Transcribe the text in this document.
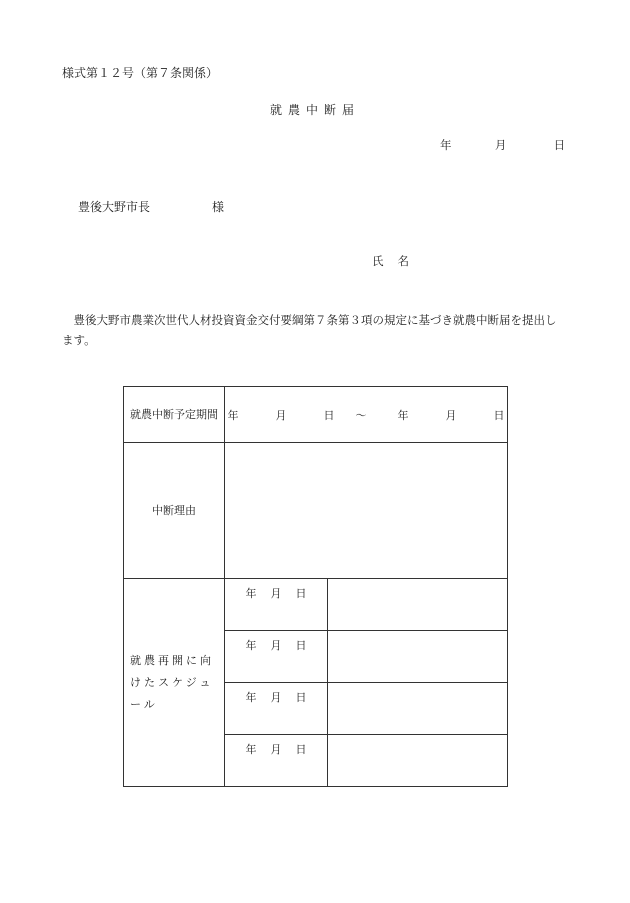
様式第１２号（第７条関係）
就農中断届
年	月	日
豊後大野市長	様
氏名
　豊後大野市農業次世代人材投資資金交付要綱第７条第３項の規定に基づき就農中断届を提出します。
就農中断予定期間	年 月 日 〜 年 月 日	
中断理由		
就農再開に向けたスケジュール	年 月 日	

	年 月 日	

	年 月 日	

	年 月 日	
